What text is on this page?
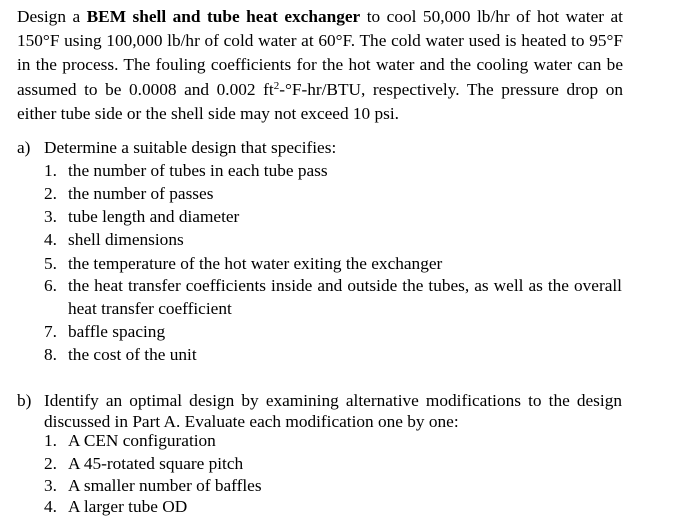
Design a BEM shell and tube heat exchanger to cool 50,000 lb/hr of hot water at 150°F using 100,000 lb/hr of cold water at 60°F. The cold water used is heated to 95°F in the process. The fouling coefficients for the hot water and the cooling water can be assumed to be 0.0008 and 0.002 $ft^2-^\circ F-hr$/BTU, respectively. The pressure drop on either tube side or the shell side may not exceed 10 psi.

a) Determine a suitable design that specifies:

1. the number of tubes in each tube pass

2. the number of passes

3. tube length and diameter

4. shell dimensions

5. the temperature of the hot water exiting the exchanger

6. the heat transfer coefficients inside and outside the tubes, as well as the overall heat transfer coefficient

7. baffle spacing

8. the cost of the unit

b) Identify an optimal design by examining alternative modifications to the design discussed in Part A. Evaluate each modification one by one:

1. A CEN configuration

2. A 45-rotated square pitch

3. A smaller number of baffles

4. A larger tube OD
